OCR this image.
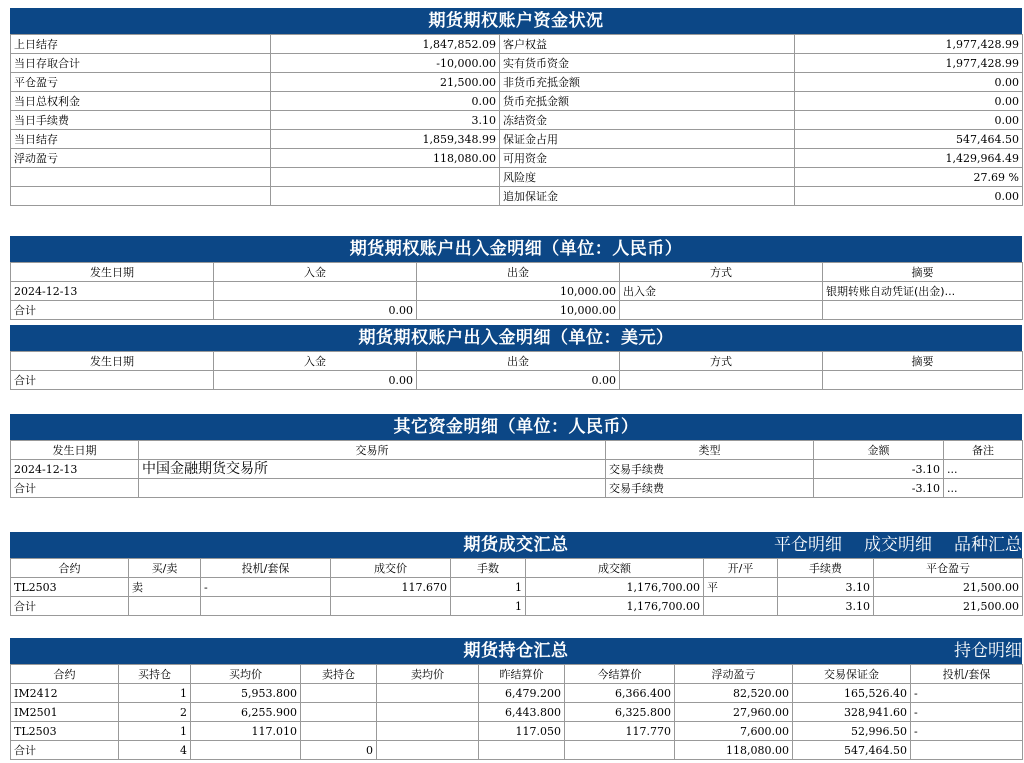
期货期权账户资金状况
上日结存	1,847,852.09	客户权益	1,977,428.99
当日存取合计	-10,000.00	实有货币资金	1,977,428.99
平仓盈亏	21,500.00	非货币充抵金额	0.00
当日总权利金	0.00	货币充抵金额	0.00
当日手续费	3.10	冻结资金	0.00
当日结存	1,859,348.99	保证金占用	547,464.50
浮动盈亏	118,080.00	可用资金	1,429,964.49
		风险度	27.69 %
		追加保证金	0.00
期货期权账户出入金明细（单位：人民币）
发生日期	入金	出金	方式	摘要
2024-12-13		10,000.00	出入金	银期转账自动凭证(出金)...
合计	0.00	10,000.00		
期货期权账户出入金明细（单位：美元）
发生日期	入金	出金	方式	摘要
合计	0.00	0.00		
其它资金明细（单位：人民币）
发生日期	交易所	类型	金额	备注
2024-12-13	中国金融期货交易所	交易手续费	-3.10	...
合计		交易手续费	-3.10	...
期货成交汇总	平仓明细 成交明细 品种汇总
合约	买/卖	投机/套保	成交价	手数	成交额	开/平	手续费	平仓盈亏
TL2503	卖	-	117.670	1	1,176,700.00	平	3.10	21,500.00
合计				1	1,176,700.00		3.10	21,500.00
期货持仓汇总	持仓明细
合约	买持仓	买均价	卖持仓	卖均价	昨结算价	今结算价	浮动盈亏	交易保证金	投机/套保
IM2412	1	5,953.800			6,479.200	6,366.400	82,520.00	165,526.40	-
IM2501	2	6,255.900			6,443.800	6,325.800	27,960.00	328,941.60	-
TL2503	1	117.010			117.050	117.770	7,600.00	52,996.50	-
合计	4		0				118,080.00	547,464.50	
